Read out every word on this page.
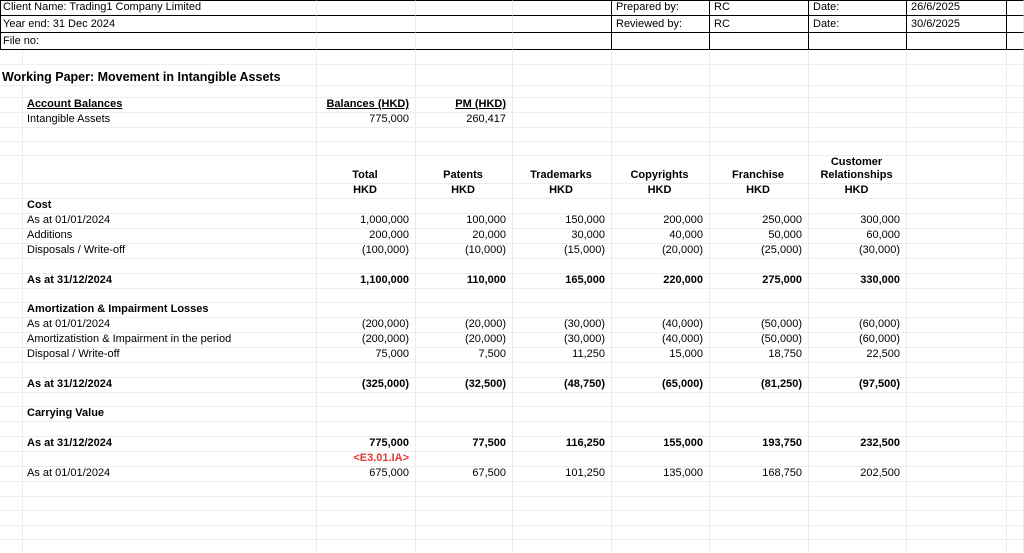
Client Name: Trading1 Company Limited					Prepared by:	RC	Date:	26/6/2025	
Year end: 31 Dec 2024					Reviewed by:	RC	Date:	30/6/2025	
File no:									

Working Paper: Movement in Intangible Assets									

	Account Balances	Balances (HKD)	PM (HKD)						
	Intangible Assets	775,000	260,417						

		Total	Patents	Trademarks	Copyrights	Franchise	Customer Relationships		
		HKD	HKD	HKD	HKD	HKD	HKD		
	Cost								
	As at 01/01/2024	1,000,000	100,000	150,000	200,000	250,000	300,000		
	Additions	200,000	20,000	30,000	40,000	50,000	60,000		
	Disposals / Write-off	(100,000)	(10,000)	(15,000)	(20,000)	(25,000)	(30,000)		

	As at 31/12/2024	1,100,000	110,000	165,000	220,000	275,000	330,000		

	Amortization & Impairment Losses								
	As at 01/01/2024	(200,000)	(20,000)	(30,000)	(40,000)	(50,000)	(60,000)		
	Amortizatistion & Impairment in the period	(200,000)	(20,000)	(30,000)	(40,000)	(50,000)	(60,000)		
	Disposal / Write-off	75,000	7,500	11,250	15,000	18,750	22,500		

	As at 31/12/2024	(325,000)	(32,500)	(48,750)	(65,000)	(81,250)	(97,500)		

	Carrying Value								

	As at 31/12/2024	775,000	77,500	116,250	155,000	193,750	232,500		
		<E3.01.IA>							
	As at 01/01/2024	675,000	67,500	101,250	135,000	168,750	202,500		
